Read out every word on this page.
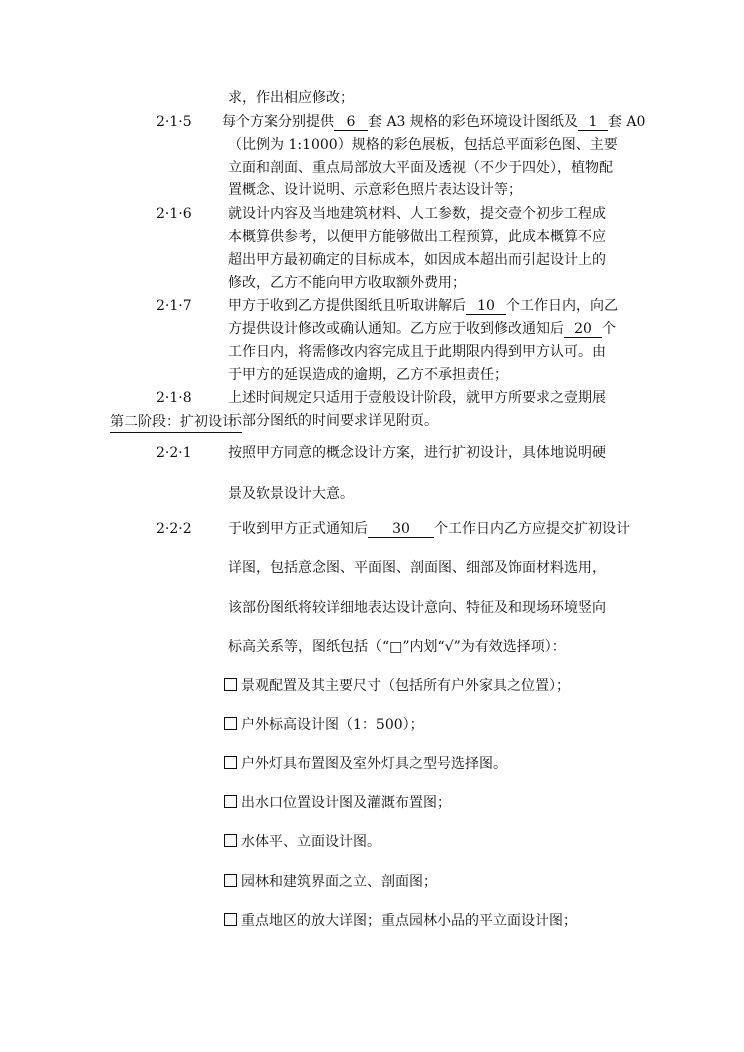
求，作出相应修改；
2·1·5 每个方案分别提供 6 套 A3 规格的彩色环境设计图纸及 1 套 A0
（比例为 1:1000）规格的彩色展板，包括总平面彩色图、主要
立面和剖面、重点局部放大平面及透视（不少于四处），植物配
置概念、设计说明、示意彩色照片表达设计等；
2·1·6	就设计内容及当地建筑材料、人工参数，提交壹个初步工程成
本概算供参考，以便甲方能够做出工程预算，此成本概算不应
超出甲方最初确定的目标成本，如因成本超出而引起设计上的
修改，乙方不能向甲方收取额外费用；
2·1·7	甲方于收到乙方提供图纸且听取讲解后 10 个工作日内，向乙
方提供设计修改或确认通知。乙方应于收到修改通知后 20 个
工作日内，将需修改内容完成且于此期限内得到甲方认可。由
于甲方的延误造成的逾期，乙方不承担责任；
2·1·8	上述时间规定只适用于壹般设计阶段，就甲方所要求之壹期展
示部分图纸的时间要求详见附页。
第二阶段：扩初设计
2·2·1	按照甲方同意的概念设计方案，进行扩初设计，具体地说明硬
景及软景设计大意。
2·2·2	于收到甲方正式通知后 30 个工作日内乙方应提交扩初设计
详图，包括意念图、平面图、剖面图、细部及饰面材料选用，
该部份图纸将较详细地表达设计意向、特征及和现场环境竖向
标高关系等，图纸包括（“□”内划“√”为有效选择项）：
景观配置及其主要尺寸（包括所有户外家具之位置）；
户外标高设计图（1：500）；
户外灯具布置图及室外灯具之型号选择图。
出水口位置设计图及灌溉布置图；
水体平、立面设计图。
园林和建筑界面之立、剖面图；
重点地区的放大详图；重点园林小品的平立面设计图；
